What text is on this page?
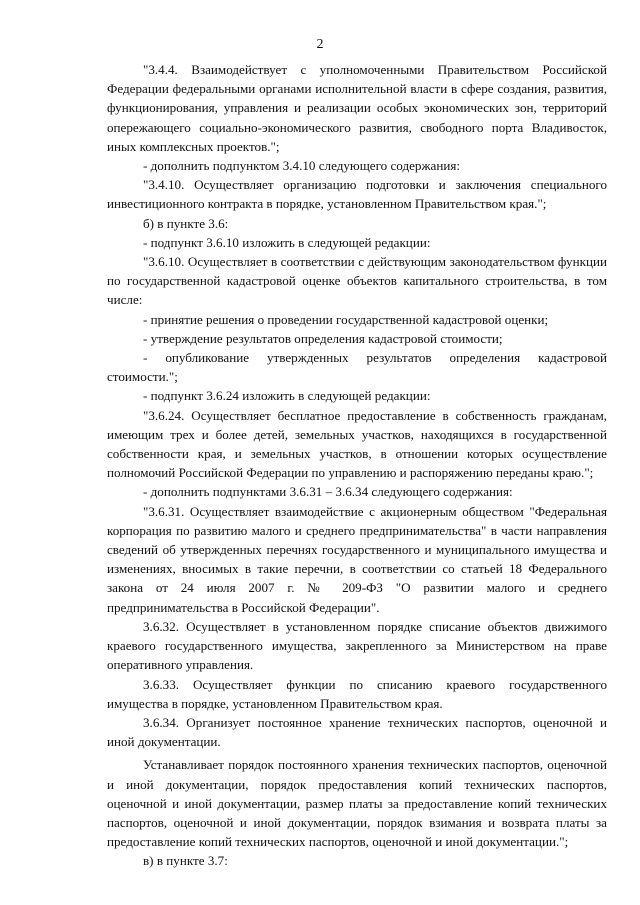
2

"3.4.4. Взаимодействует с уполномоченными Правительством Российской Федерации федеральными органами исполнительной власти в сфере создания, развития, функционирования, управления и реализации особых экономических зон, территорий опережающего социально-экономического развития, свободного порта Владивосток, иных комплексных проектов.";

- дополнить подпунктом 3.4.10 следующего содержания:

"3.4.10. Осуществляет организацию подготовки и заключения специального инвестиционного контракта в порядке, установленном Правительством края.";

б) в пункте 3.6:

- подпункт 3.6.10 изложить в следующей редакции:

"3.6.10. Осуществляет в соответствии с действующим законодательством функции по государственной кадастровой оценке объектов капитального строительства, в том числе:

- принятие решения о проведении государственной кадастровой оценки;

- утверждение результатов определения кадастровой стоимости;

- опубликование утвержденных результатов определения кадастровой стоимости.";

- подпункт 3.6.24 изложить в следующей редакции:

"3.6.24. Осуществляет бесплатное предоставление в собственность гражданам, имеющим трех и более детей, земельных участков, находящихся в государственной собственности края, и земельных участков, в отношении которых осуществление полномочий Российской Федерации по управлению и распоряжению переданы краю.";

- дополнить подпунктами 3.6.31 – 3.6.34 следующего содержания:

"3.6.31. Осуществляет взаимодействие с акционерным обществом "Федеральная корпорация по развитию малого и среднего предпринимательства" в части направления сведений об утвержденных перечнях государственного и муниципального имущества и изменениях, вносимых в такие перечни, в соответствии со статьей 18 Федерального закона от 24 июля 2007 г. № 209-ФЗ "О развитии малого и среднего предпринимательства в Российской Федерации".

3.6.32. Осуществляет в установленном порядке списание объектов движимого краевого государственного имущества, закрепленного за Министерством на праве оперативного управления.

3.6.33. Осуществляет функции по списанию краевого государственного имущества в порядке, установленном Правительством края.

3.6.34. Организует постоянное хранение технических паспортов, оценочной и иной документации.

Устанавливает порядок постоянного хранения технических паспортов, оценочной и иной документации, порядок предоставления копий технических паспортов, оценочной и иной документации, размер платы за предоставление копий технических паспортов, оценочной и иной документации, порядок взимания и возврата платы за предоставление копий технических паспортов, оценочной и иной документации.";

в) в пункте 3.7:
